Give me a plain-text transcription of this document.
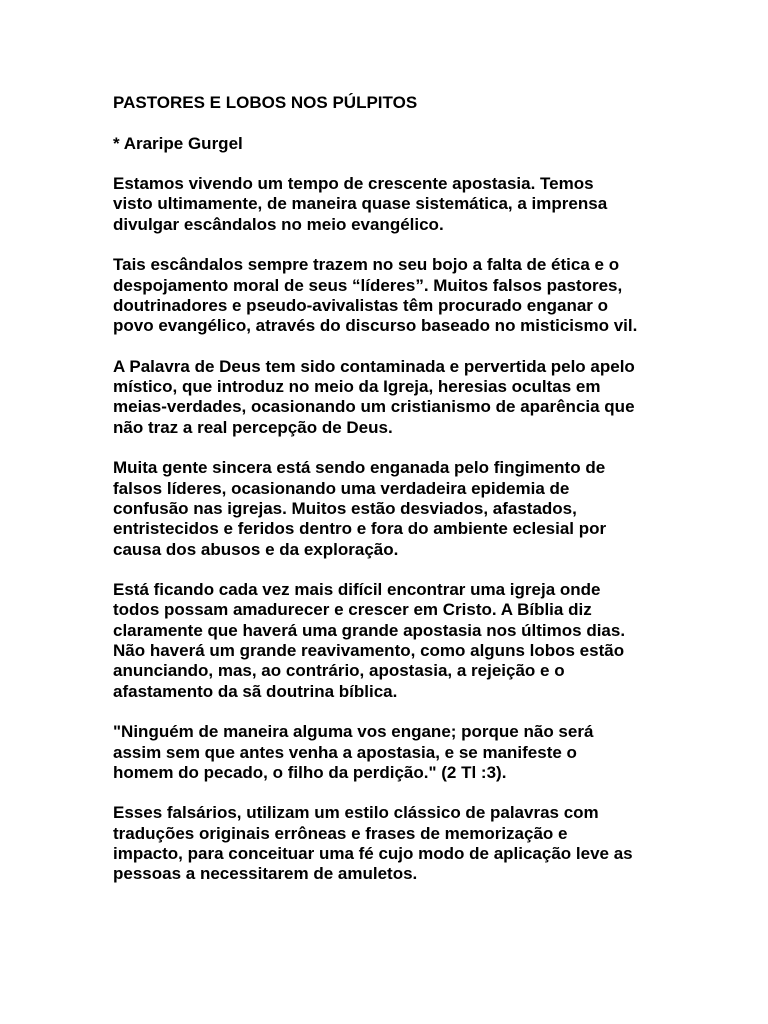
PASTORES E LOBOS NOS PÚLPITOS

* Araripe Gurgel

Estamos vivendo um tempo de crescente apostasia. Temos
visto ultimamente, de maneira quase sistemática, a imprensa
divulgar escândalos no meio evangélico.

Tais escândalos sempre trazem no seu bojo a falta de ética e o
despojamento moral de seus “líderes”. Muitos falsos pastores,
doutrinadores e pseudo-avivalistas têm procurado enganar o
povo evangélico, através do discurso baseado no misticismo vil.

A Palavra de Deus tem sido contaminada e pervertida pelo apelo
místico, que introduz no meio da Igreja, heresias ocultas em
meias-verdades, ocasionando um cristianismo de aparência que
não traz a real percepção de Deus.

Muita gente sincera está sendo enganada pelo fingimento de
falsos líderes, ocasionando uma verdadeira epidemia de
confusão nas igrejas. Muitos estão desviados, afastados,
entristecidos e feridos dentro e fora do ambiente eclesial por
causa dos abusos e da exploração.

Está ficando cada vez mais difícil encontrar uma igreja onde
todos possam amadurecer e crescer em Cristo. A Bíblia diz
claramente que haverá uma grande apostasia nos últimos dias.
Não haverá um grande reavivamento, como alguns lobos estão
anunciando, mas, ao contrário, apostasia, a rejeição e o
afastamento da sã doutrina bíblica.

"Ninguém de maneira alguma vos engane; porque não será
assim sem que antes venha a apostasia, e se manifeste o
homem do pecado, o filho da perdição." (2 Tl :3).

Esses falsários, utilizam um estilo clássico de palavras com
traduções originais errôneas e frases de memorização e
impacto, para conceituar uma fé cujo modo de aplicação leve as
pessoas a necessitarem de amuletos.
